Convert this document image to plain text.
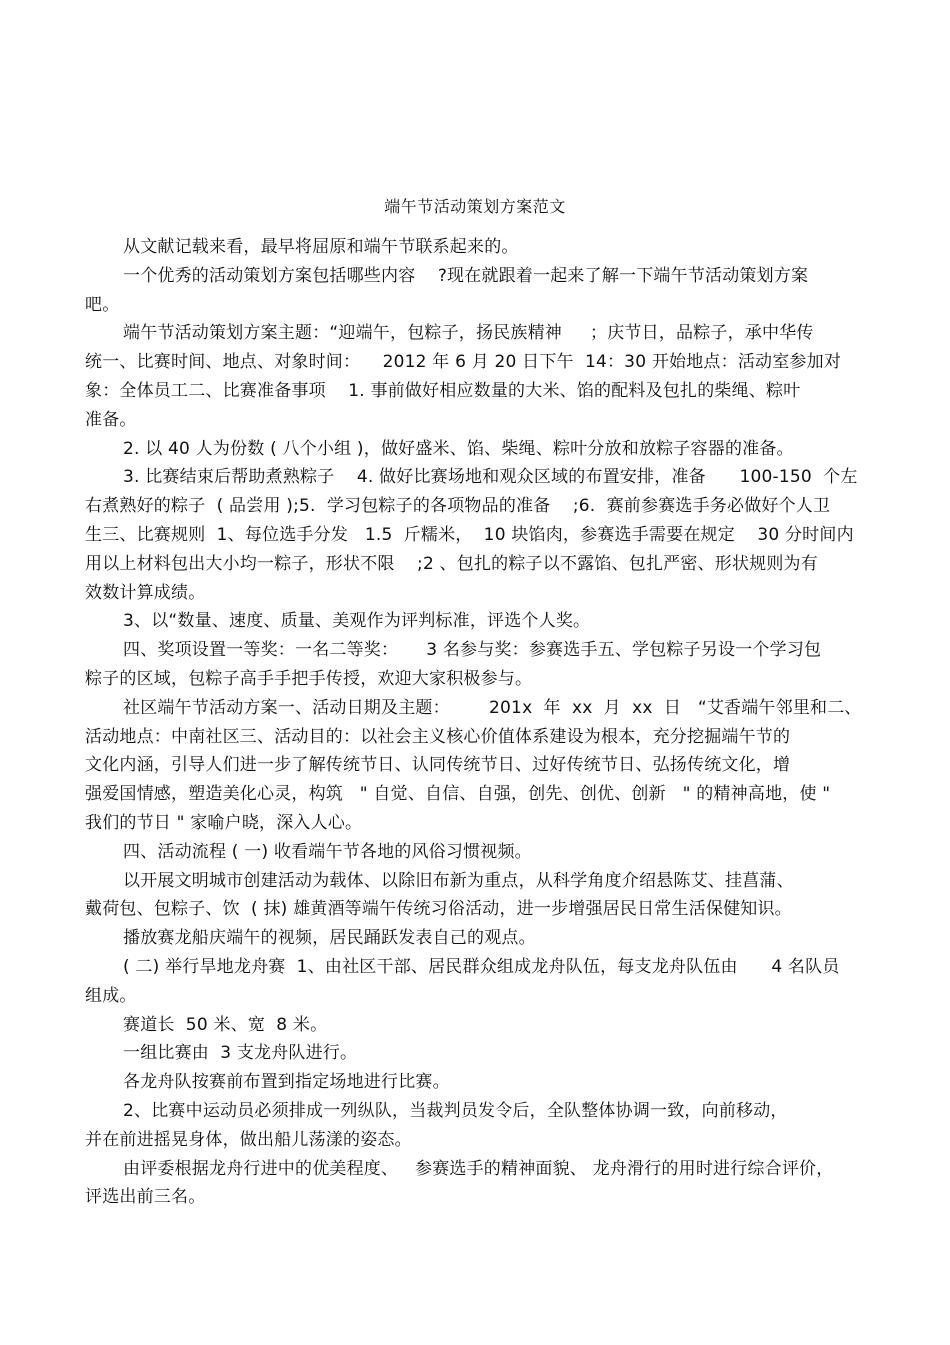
端午节活动策划方案范文
从文献记载来看，最早将屈原和端午节联系起来的。
一个优秀的活动策划方案包括哪些内容    ?现在就跟着一起来了解一下端午节活动策划方案
吧。
端午节活动策划方案主题：“迎端午，包粽子，扬民族精神     ；庆节日，品粽子，承中华传
统一、比赛时间、地点、对象时间：    2012 年 6 月 20 日下午  14：30 开始地点：活动室参加对
象：全体员工二、比赛准备事项    1. 事前做好相应数量的大米、馅的配料及包扎的柴绳、粽叶
准备。
2. 以 40 人为份数 ( 八个小组 )，做好盛米、馅、柴绳、粽叶分放和放粽子容器的准备。
3. 比赛结束后帮助煮熟粽子    4. 做好比赛场地和观众区域的布置安排，准备      100-150  个左
右煮熟好的粽子  ( 品尝用 );5.  学习包粽子的各项物品的准备    ;6.  赛前参赛选手务必做好个人卫
生三、比赛规则  1、每位选手分发   1.5  斤糯米，  10 块馅肉，参赛选手需要在规定    30 分时间内
用以上材料包出大小均一粽子，形状不限    ;2 、包扎的粽子以不露馅、包扎严密、形状规则为有
效数计算成绩。
3、以“数量、速度、质量、美观作为评判标准，评选个人奖。
四、奖项设置一等奖：一名二等奖：     3 名参与奖：参赛选手五、学包粽子另设一个学习包
粽子的区域，包粽子高手手把手传授，欢迎大家积极参与。
社区端午节活动方案一、活动日期及主题：       201x  年  xx  月  xx  日   “艾香端午邻里和二、
活动地点：中南社区三、活动目的：以社会主义核心价值体系建设为根本，充分挖掘端午节的
文化内涵，引导人们进一步了解传统节日、认同传统节日、过好传统节日、弘扬传统文化，增
强爱国情感，塑造美化心灵，构筑   " 自觉、自信、自强，创先、创优、创新   " 的精神高地，使 "
我们的节日 " 家喻户晓，深入人心。
四、活动流程 ( 一) 收看端午节各地的风俗习惯视频。
以开展文明城市创建活动为载体、以除旧布新为重点，从科学角度介绍悬陈艾、挂菖蒲、
戴荷包、包粽子、饮  ( 抹) 雄黄酒等端午传统习俗活动，进一步增强居民日常生活保健知识。
播放赛龙船庆端午的视频，居民踊跃发表自己的观点。
( 二) 举行旱地龙舟赛  1、由社区干部、居民群众组成龙舟队伍，每支龙舟队伍由      4 名队员
组成。
赛道长  50 米、宽  8 米。
一组比赛由  3 支龙舟队进行。
各龙舟队按赛前布置到指定场地进行比赛。
2、比赛中运动员必须排成一列纵队，当裁判员发令后，全队整体协调一致，向前移动，
并在前进摇晃身体，做出船儿荡漾的姿态。
由评委根据龙舟行进中的优美程度、   参赛选手的精神面貌、 龙舟滑行的用时进行综合评价，
评选出前三名。
